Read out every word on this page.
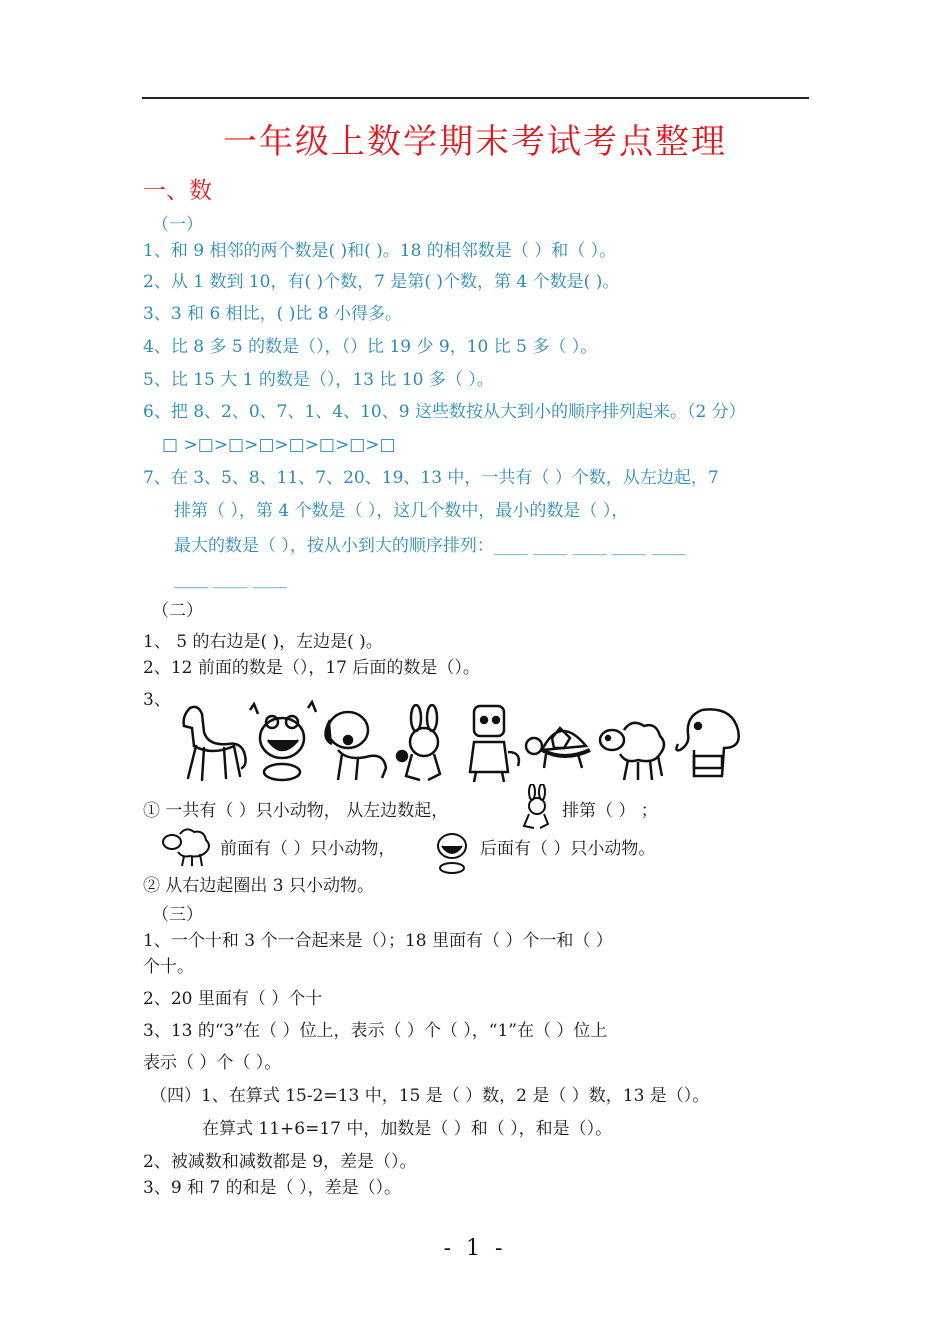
一年级上数学期末考试考点整理
一、数
（一）
1、和 9 相邻的两个数是( )和( )。18 的相邻数是（ ）和（ ）。
2、从 1 数到 10，有( )个数，7 是第( )个数，第 4 个数是( )。
3、3 和 6 相比，( )比 8 小得多。
4、比 8 多 5 的数是（），（）比 19 少 9，10 比 5 多（ ）。
5、比 15 大 1 的数是（），13 比 10 多（ ）。
6、把 8、2、0、7、1、4、10、9 这些数按从大到小的顺序排列起来。（2 分）
□ >□>□>□>□>□>□>□
7、在 3、5、8、11、7、20、19、13 中，一共有（ ）个数，从左边起，7
排第（ ），第 4 个数是（ ），这几个数中，最小的数是（ ），
最大的数是（ ），按从小到大的顺序排列：____ ____ ____ ____ ____
____ ____ ____
（二）
1、 5 的右边是( )，左边是( )。
2、12 前面的数是（），17 后面的数是（）。
3、
① 一共有（ ）只小动物， 从左边数起，	排第（ ） ；
前面有（ ）只小动物，	后面有（ ）只小动物。
② 从右边起圈出 3 只小动物。
（三）
1、一个十和 3 个一合起来是（）；18 里面有（ ）个一和（ ）
个十。
2、20 里面有（ ）个十
3、13 的“3”在（ ）位上，表示（ ）个（ ），“1”在（ ）位上
表示（ ）个（ ）。
（四）1、在算式 15-2=13 中，15 是（ ）数，2 是（ ）数，13 是（）。
在算式 11+6=17 中，加数是（ ）和（ ），和是（）。
2、被减数和减数都是 9，差是（）。
3、9 和 7 的和是（ ），差是（）。
- 1 -
